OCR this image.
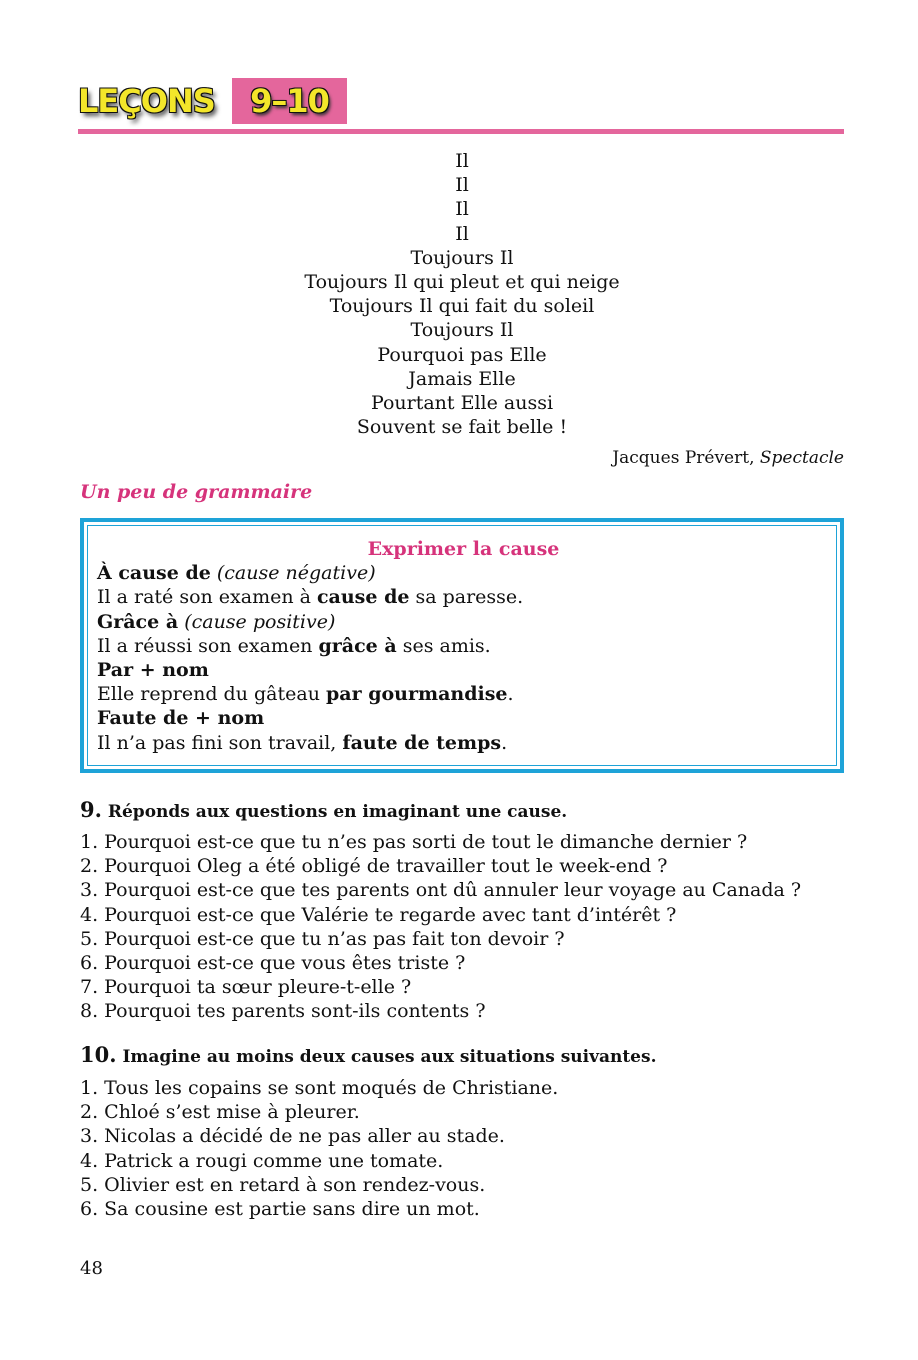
LEÇONS	9–10
Il
Il
Il
Il
Toujours Il
Toujours Il qui pleut et qui neige
Toujours Il qui fait du soleil
Toujours Il
Pourquoi pas Elle
Jamais Elle
Pourtant Elle aussi
Souvent se fait belle !
Jacques Prévert, Spectacle
Un peu de grammaire
Exprimer la cause
À cause de (cause négative)
Il a raté son examen à cause de sa paresse.
Grâce à (cause positive)
Il a réussi son examen grâce à ses amis.
Par + nom
Elle reprend du gâteau par gourmandise.
Faute de + nom
Il n’a pas fini son travail, faute de temps.
9. Réponds aux questions en imaginant une cause.
1. Pourquoi est-ce que tu n’es pas sorti de tout le dimanche dernier ?
2. Pourquoi Oleg a été obligé de travailler tout le week-end ?
3. Pourquoi est-ce que tes parents ont dû annuler leur voyage au Canada ?
4. Pourquoi est-ce que Valérie te regarde avec tant d’intérêt ?
5. Pourquoi est-ce que tu n’as pas fait ton devoir ?
6. Pourquoi est-ce que vous êtes triste ?
7. Pourquoi ta sœur pleure-t-elle ?
8. Pourquoi tes parents sont-ils contents ?
10. Imagine au moins deux causes aux situations suivantes.
1. Tous les copains se sont moqués de Christiane.
2. Chloé s’est mise à pleurer.
3. Nicolas a décidé de ne pas aller au stade.
4. Patrick a rougi comme une tomate.
5. Olivier est en retard à son rendez-vous.
6. Sa cousine est partie sans dire un mot.
48
